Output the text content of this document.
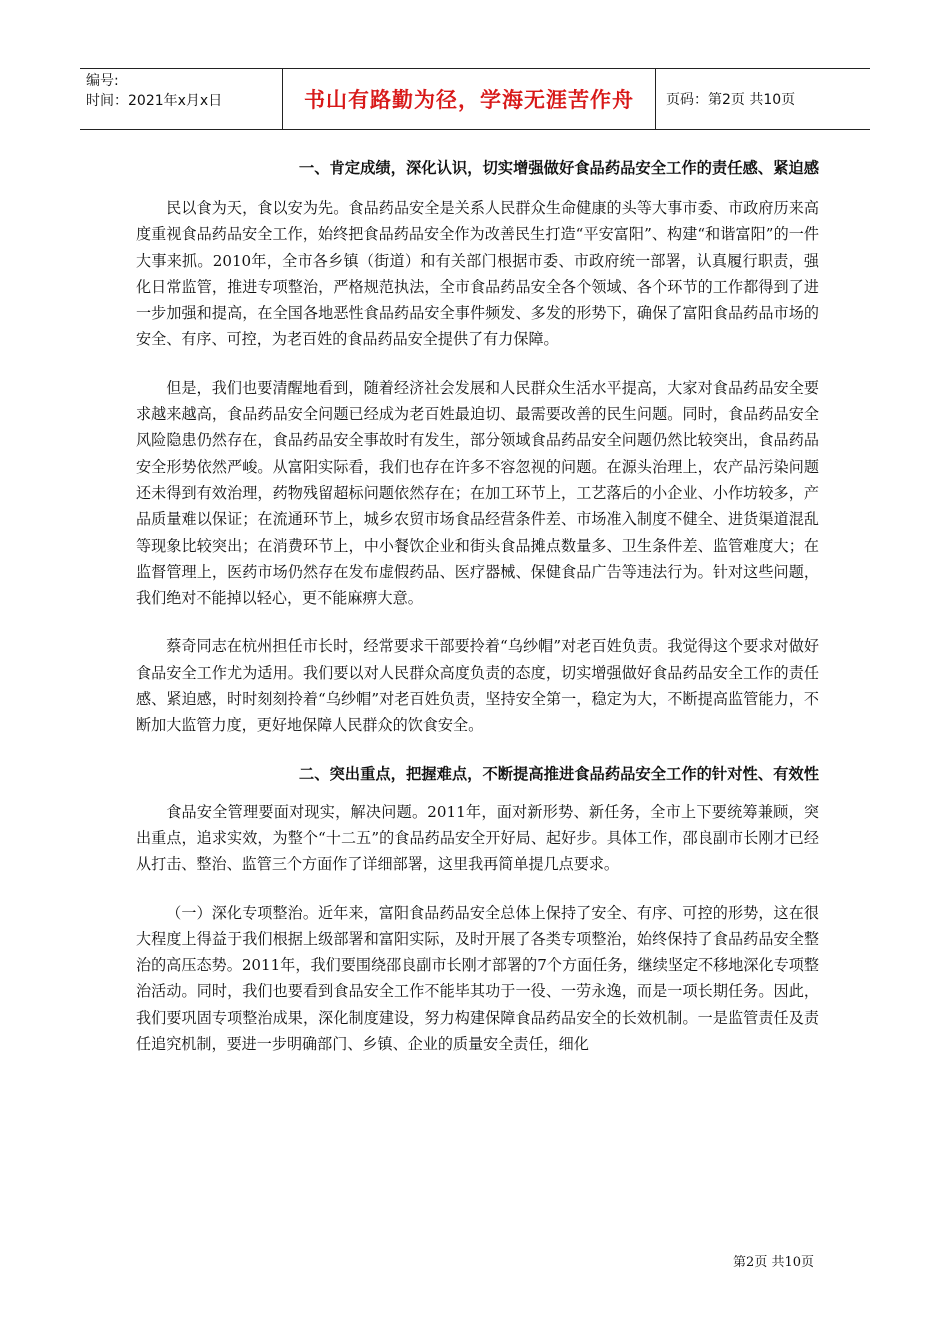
编号:
时间：2021年x月x日	书山有路勤为径，学海无涯苦作舟	页码：第2页 共10页
一、肯定成绩，深化认识，切实增强做好食品药品安全工作的责任感、紧迫感

民以食为天，食以安为先。食品药品安全是关系人民群众生命健康的头等大事市委、市政府历来高度重视食品药品安全工作，始终把食品药品安全作为改善民生打造“平安富阳”、构建“和谐富阳”的一件大事来抓。2010年，全市各乡镇（街道）和有关部门根据市委、市政府统一部署，认真履行职责，强化日常监管，推进专项整治，严格规范执法，全市食品药品安全各个领域、各个环节的工作都得到了进一步加强和提高，在全国各地恶性食品药品安全事件频发、多发的形势下，确保了富阳食品药品市场的安全、有序、可控，为老百姓的食品药品安全提供了有力保障。

但是，我们也要清醒地看到，随着经济社会发展和人民群众生活水平提高，大家对食品药品安全要求越来越高，食品药品安全问题已经成为老百姓最迫切、最需要改善的民生问题。同时，食品药品安全风险隐患仍然存在，食品药品安全事故时有发生，部分领域食品药品安全问题仍然比较突出，食品药品安全形势依然严峻。从富阳实际看，我们也存在许多不容忽视的问题。在源头治理上，农产品污染问题还未得到有效治理，药物残留超标问题依然存在；在加工环节上，工艺落后的小企业、小作坊较多，产品质量难以保证；在流通环节上，城乡农贸市场食品经营条件差、市场准入制度不健全、进货渠道混乱等现象比较突出；在消费环节上，中小餐饮企业和街头食品摊点数量多、卫生条件差、监管难度大；在监督管理上，医药市场仍然存在发布虚假药品、医疗器械、保健食品广告等违法行为。针对这些问题，我们绝对不能掉以轻心，更不能麻痹大意。

蔡奇同志在杭州担任市长时，经常要求干部要拎着“乌纱帽”对老百姓负责。我觉得这个要求对做好食品安全工作尤为适用。我们要以对人民群众高度负责的态度，切实增强做好食品药品安全工作的责任感、紧迫感，时时刻刻拎着“乌纱帽”对老百姓负责，坚持安全第一，稳定为大，不断提高监管能力，不断加大监管力度，更好地保障人民群众的饮食安全。

二、突出重点，把握难点，不断提高推进食品药品安全工作的针对性、有效性

食品安全管理要面对现实，解决问题。2011年，面对新形势、新任务，全市上下要统筹兼顾，突出重点，追求实效，为整个“十二五”的食品药品安全开好局、起好步。具体工作，邵良副市长刚才已经从打击、整治、监管三个方面作了详细部署，这里我再简单提几点要求。

（一）深化专项整治。近年来，富阳食品药品安全总体上保持了安全、有序、可控的形势，这在很大程度上得益于我们根据上级部署和富阳实际，及时开展了各类专项整治，始终保持了食品药品安全整治的高压态势。2011年，我们要围绕邵良副市长刚才部署的7个方面任务，继续坚定不移地深化专项整治活动。同时，我们也要看到食品安全工作不能毕其功于一役、一劳永逸，而是一项长期任务。因此，我们要巩固专项整治成果，深化制度建设，努力构建保障食品药品安全的长效机制。一是监管责任及责任追究机制，要进一步明确部门、乡镇、企业的质量安全责任，细化

第2页 共10页
